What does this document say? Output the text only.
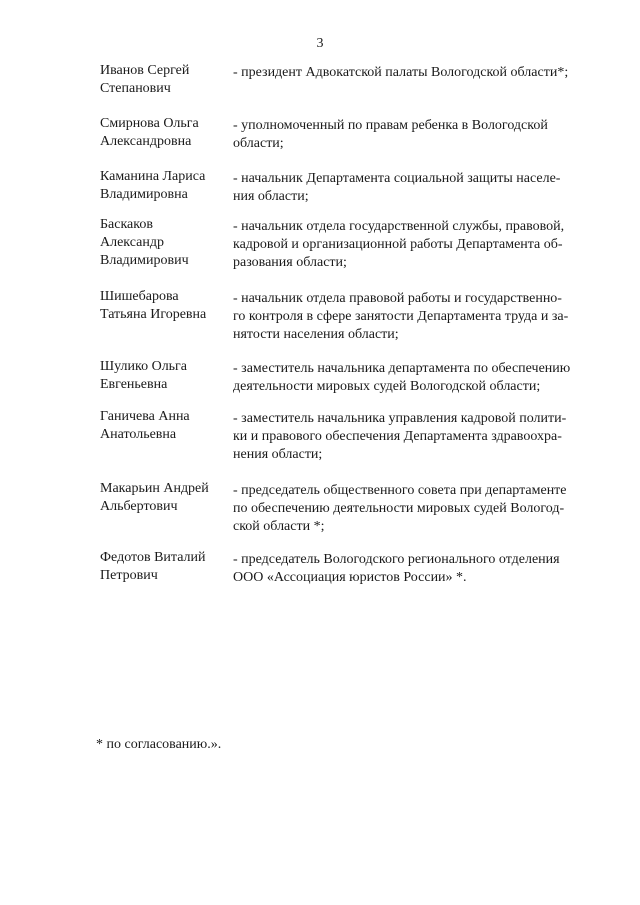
3
Иванов Сергей
Степанович
- президент Адвокатской палаты Вологодской области*;
Смирнова Ольга
Александровна
- уполномоченный по правам ребенка в Вологодской
области;
Каманина Лариса
Владимировна
- начальник Департамента социальной защиты населе-
ния области;
Баскаков
Александр
Владимирович
- начальник отдела государственной службы, правовой,
кадровой и организационной работы Департамента об-
разования области;
Шишебарова
Татьяна Игоревна
- начальник отдела правовой работы и государственно-
го контроля в сфере занятости Департамента труда и за-
нятости населения области;
Шулико Ольга
Евгеньевна
- заместитель начальника департамента по обеспечению
деятельности мировых судей Вологодской области;
Ганичева Анна
Анатольевна
- заместитель начальника управления кадровой полити-
ки и правового обеспечения Департамента здравоохра-
нения области;
Макарьин Андрей
Альбертович
- председатель общественного совета при департаменте
по обеспечению деятельности мировых судей Вологод-
ской области *;
Федотов Виталий
Петрович
- председатель Вологодского регионального отделения
ООО «Ассоциация юристов России» *.
* по согласованию.».
